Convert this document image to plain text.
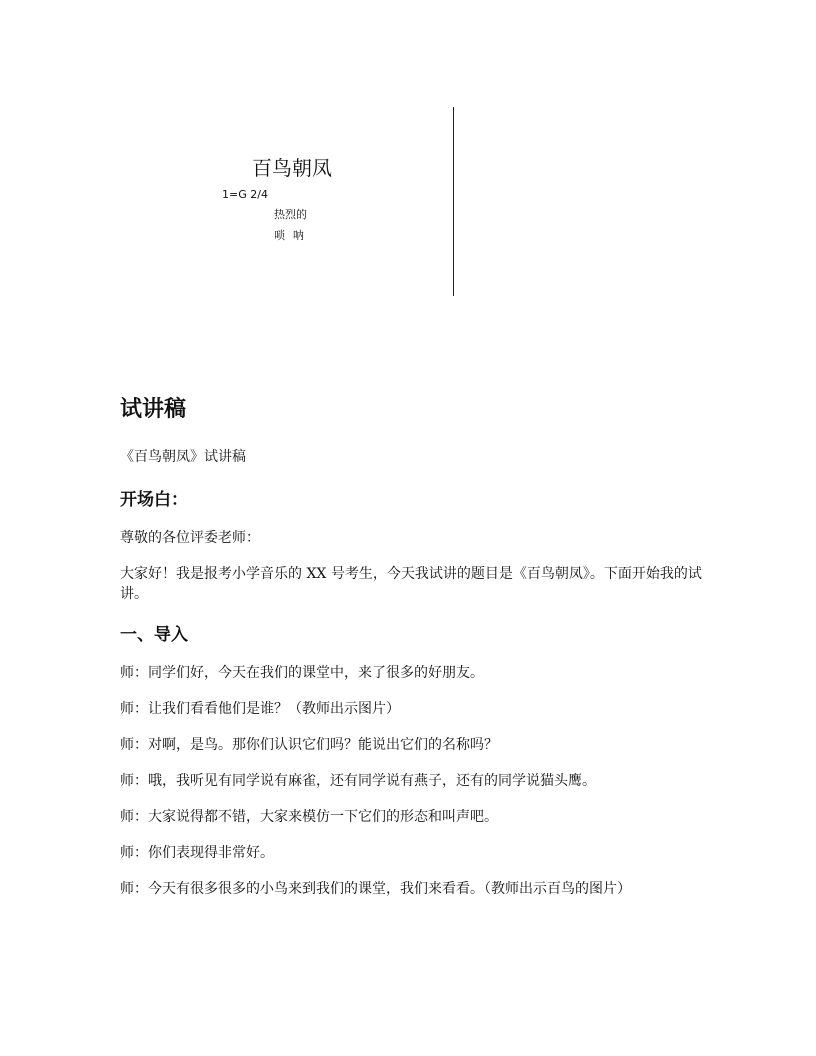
百鸟朝凤
1=G 2/4
热烈的
唢呐
试讲稿

《百鸟朝凤》试讲稿

开场白：

尊敬的各位评委老师：

大家好！我是报考小学音乐的 XX 号考生，今天我试讲的题目是《百鸟朝凤》。下面开始我的试讲。

一、导入

师：同学们好，今天在我们的课堂中，来了很多的好朋友。

师：让我们看看他们是谁？（教师出示图片）

师：对啊，是鸟。那你们认识它们吗？能说出它们的名称吗？

师：哦，我听见有同学说有麻雀，还有同学说有燕子，还有的同学说猫头鹰。

师：大家说得都不错，大家来模仿一下它们的形态和叫声吧。

师：你们表现得非常好。

师：今天有很多很多的小鸟来到我们的课堂，我们来看看。（教师出示百鸟的图片）
